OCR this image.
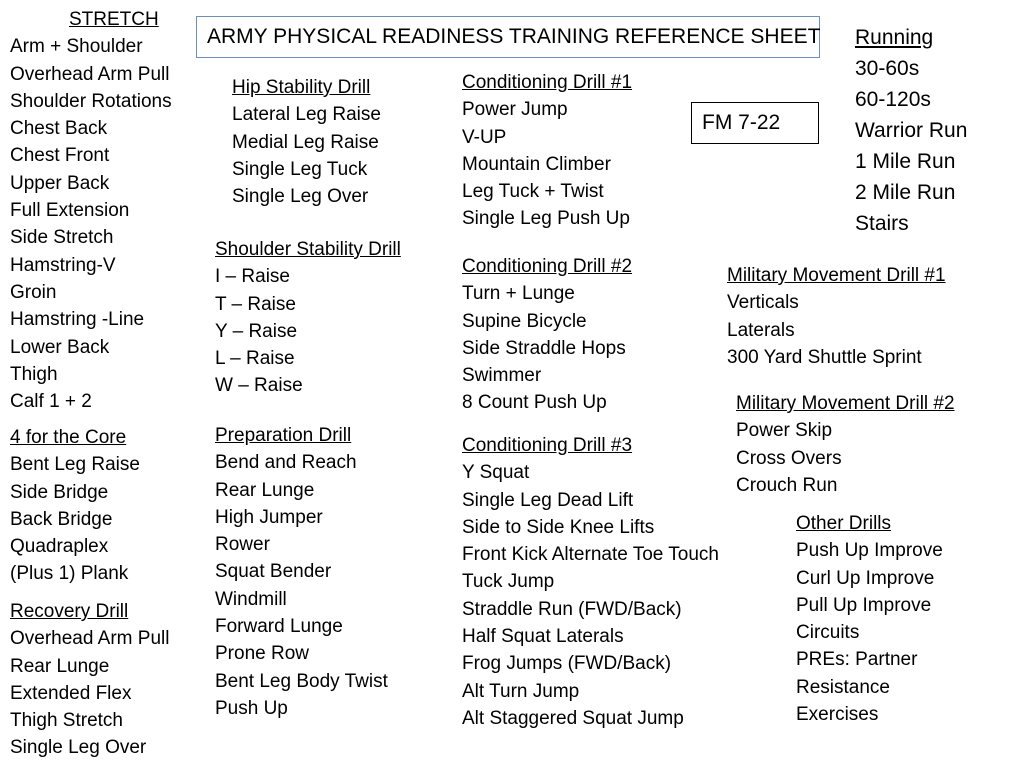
ARMY PHYSICAL READINESS TRAINING REFERENCE SHEET
FM 7-22
STRETCH
Arm + Shoulder
Overhead Arm Pull
Shoulder Rotations
Chest Back
Chest Front
Upper Back
Full Extension
Side Stretch
Hamstring-V
Groin
Hamstring -Line
Lower Back
Thigh
Calf 1 + 2
4 for the Core
Bent Leg Raise
Side Bridge
Back Bridge
Quadraplex
(Plus 1) Plank
Recovery Drill
Overhead Arm Pull
Rear Lunge
Extended Flex
Thigh Stretch
Single Leg Over
Hip Stability Drill
Lateral Leg Raise
Medial Leg Raise
Single Leg Tuck
Single Leg Over
Shoulder Stability Drill
I – Raise
T – Raise
Y – Raise
L – Raise
W – Raise
Preparation Drill
Bend and Reach
Rear Lunge
High Jumper
Rower
Squat Bender
Windmill
Forward Lunge
Prone Row
Bent Leg Body Twist
Push Up
Conditioning Drill #1
Power Jump
V-UP
Mountain Climber
Leg Tuck + Twist
Single Leg Push Up
Conditioning Drill #2
Turn + Lunge
Supine Bicycle
Side Straddle Hops
Swimmer
8 Count Push Up
Conditioning Drill #3
Y Squat
Single Leg Dead Lift
Side to Side Knee Lifts
Front Kick Alternate Toe Touch
Tuck Jump
Straddle Run (FWD/Back)
Half Squat Laterals
Frog Jumps (FWD/Back)
Alt Turn Jump
Alt Staggered Squat Jump
Running
30-60s
60-120s
Warrior Run
1 Mile Run
2 Mile Run
Stairs
Military Movement Drill #1
Verticals
Laterals
300 Yard Shuttle Sprint
Military Movement Drill #2
Power Skip
Cross Overs
Crouch Run
Other Drills
Push Up Improve
Curl Up Improve
Pull Up Improve
Circuits
PREs: Partner
Resistance
Exercises
